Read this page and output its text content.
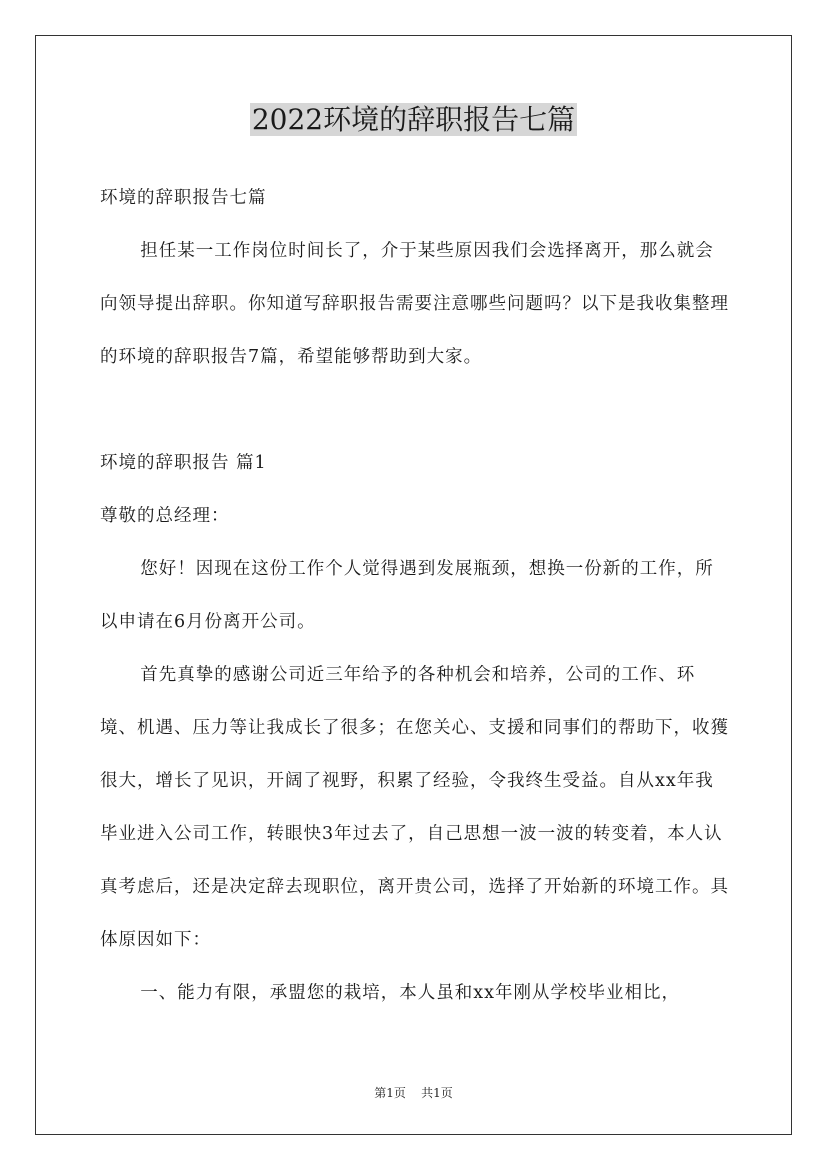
2022环境的辞职报告七篇

环境的辞职报告七篇

担任某一工作岗位时间长了，介于某些原因我们会选择离开，那么就会向领导提出辞职。你知道写辞职报告需要注意哪些问题吗？以下是我收集整理的环境的辞职报告7篇，希望能够帮助到大家。

环境的辞职报告 篇1

尊敬的总经理：

您好！因现在这份工作个人觉得遇到发展瓶颈，想换一份新的工作，所以申请在6月份离开公司。

首先真挚的感谢公司近三年给予的各种机会和培养，公司的工作、环境、机遇、压力等让我成长了很多；在您关心、支援和同事们的帮助下，收獲很大，增长了见识，开阔了视野，积累了经验，令我终生受益。自从xx年我毕业进入公司工作，转眼快3年过去了，自己思想一波一波的转变着，本人认真考虑后，还是决定辞去现职位，离开贵公司，选择了开始新的环境工作。具体原因如下：

一、能力有限，承盟您的栽培，本人虽和xx年刚从学校毕业相比，

第1页 共1页
